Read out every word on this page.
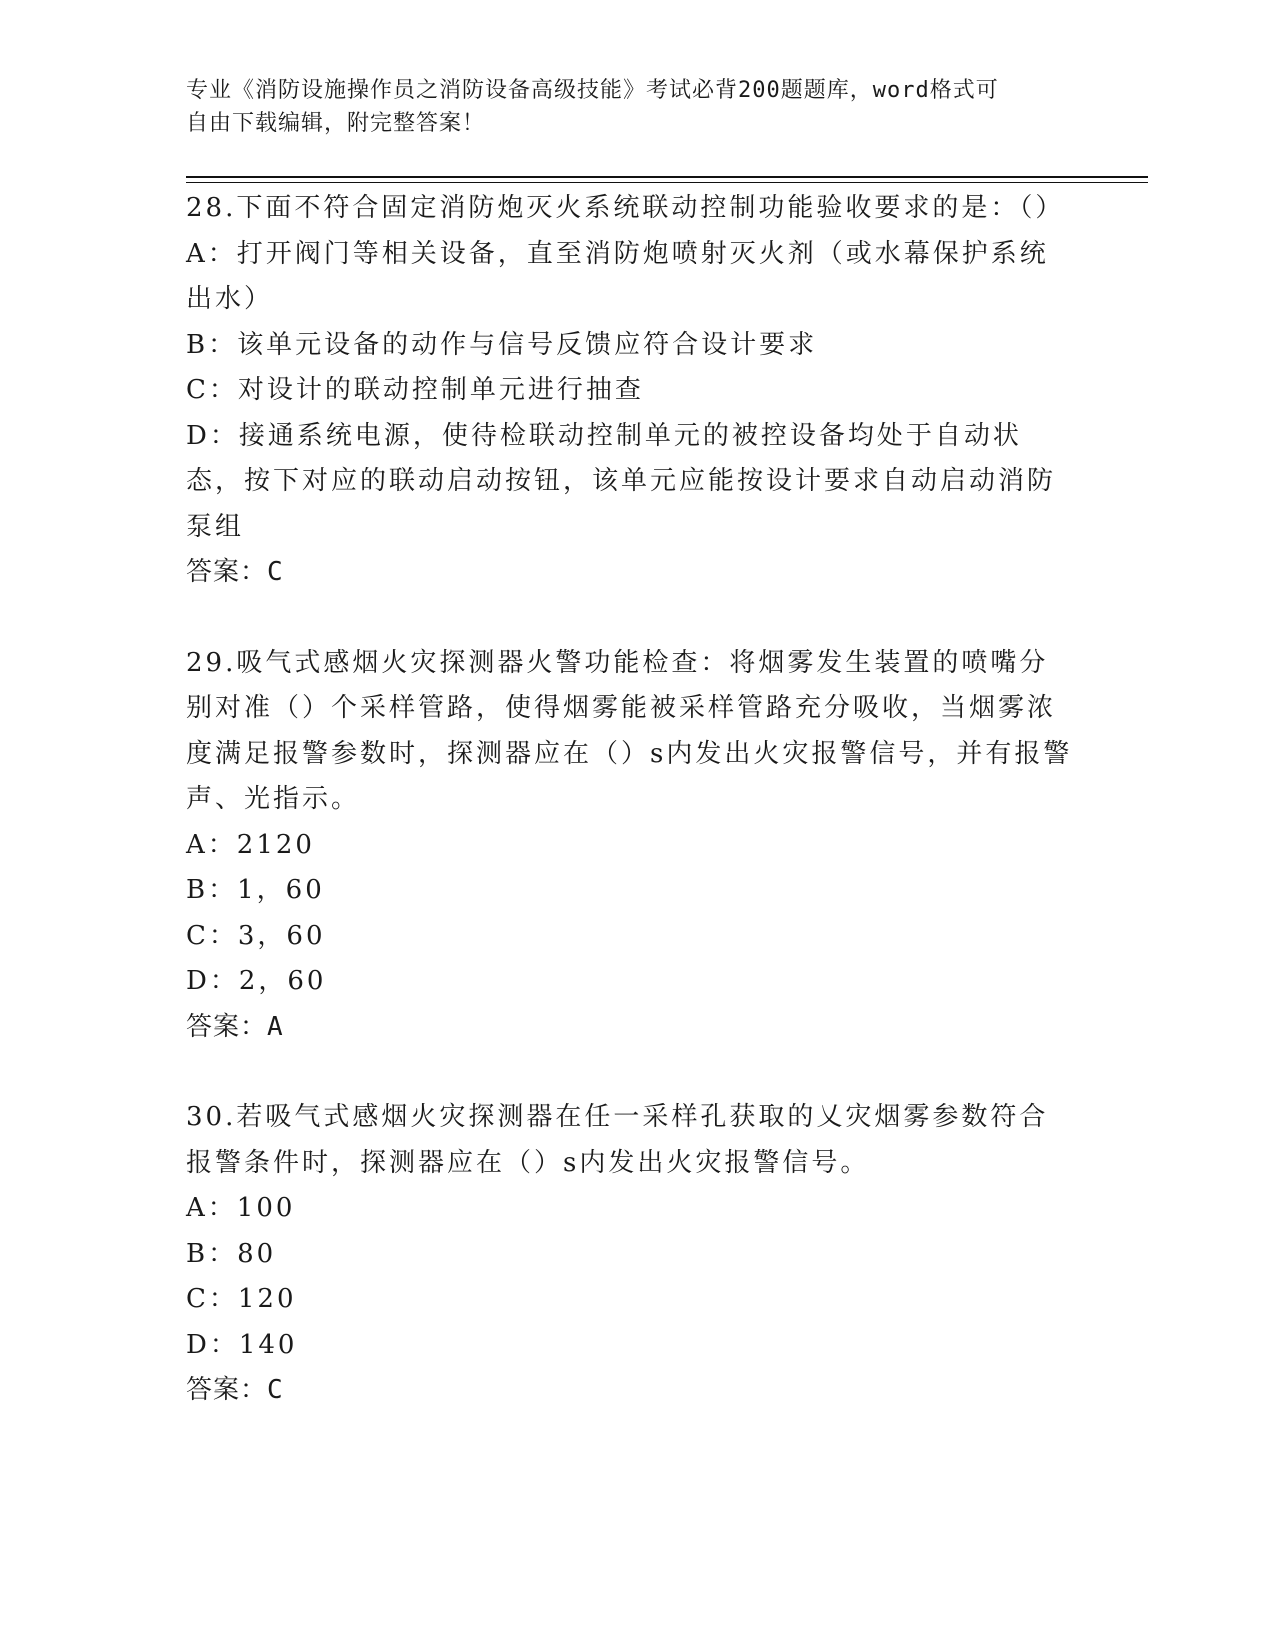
专业《消防设施操作员之消防设备高级技能》考试必背200题题库，word格式可
自由下载编辑，附完整答案！
28.下面不符合固定消防炮灭火系统联动控制功能验收要求的是：（）
A：打开阀门等相关设备，直至消防炮喷射灭火剂（或水幕保护系统出水）
B：该单元设备的动作与信号反馈应符合设计要求
C：对设计的联动控制单元进行抽查
D：接通系统电源，使待检联动控制单元的被控设备均处于自动状态，按下对应的联动启动按钮，该单元应能按设计要求自动启动消防泵组
答案：C
29.吸气式感烟火灾探测器火警功能检查：将烟雾发生装置的喷嘴分别对准（）个采样管路，使得烟雾能被采样管路充分吸收，当烟雾浓度满足报警参数时，探测器应在（）s内发出火灾报警信号，并有报警声、光指示。
A：2120
B：1，60
C：3，60
D：2，60
答案：A
30.若吸气式感烟火灾探测器在任一采样孔获取的乂灾烟雾参数符合报警条件时，探测器应在（）s内发出火灾报警信号。
A：100
B：80
C：120
D：140
答案：C
